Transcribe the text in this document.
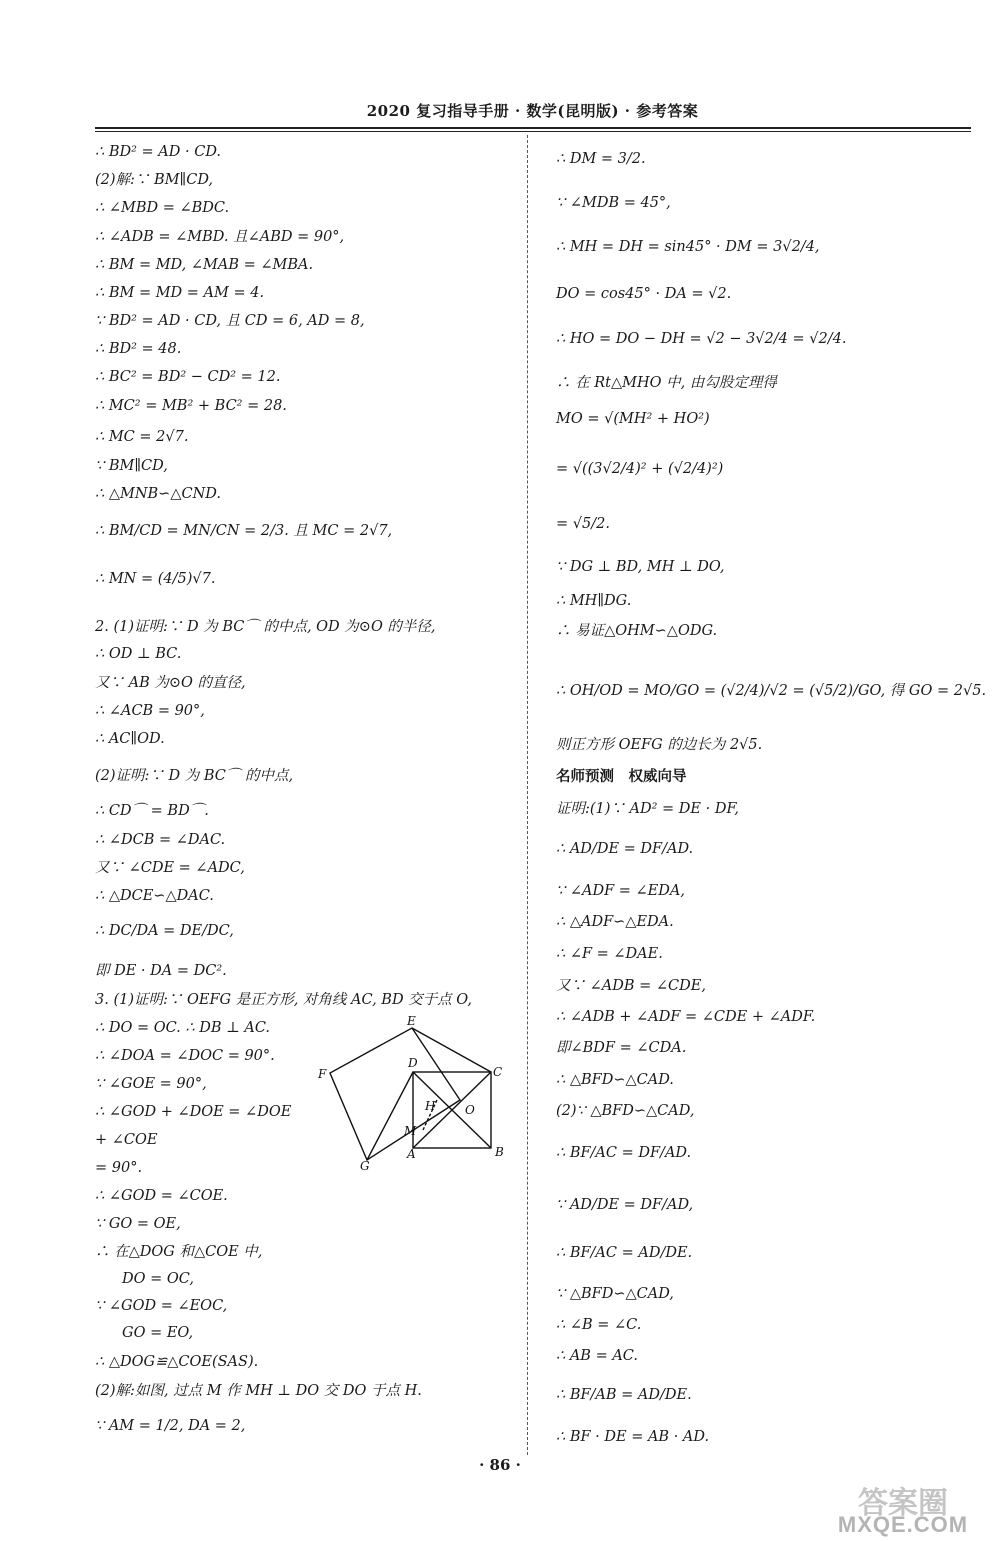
2020 复习指导手册 · 数学(昆明版) · 参考答案
∴ BD² = AD · CD.
(2)解:∵ BM∥CD,
∴ ∠MBD = ∠BDC.
∴ ∠ADB = ∠MBD. 且∠ABD = 90°,
∴ BM = MD, ∠MAB = ∠MBA.
∴ BM = MD = AM = 4.
∵ BD² = AD · CD, 且 CD = 6, AD = 8,
∴ BD² = 48.
∴ BC² = BD² − CD² = 12.
∴ MC² = MB² + BC² = 28.
∴ MC = 2√7.
∵ BM∥CD,
∴ △MNB∽△CND.
∴ BM/CD = MN/CN = 2/3. 且 MC = 2√7,
∴ MN = (4/5)√7.
2. (1)证明:∵ D 为 BC⌒ 的中点, OD 为⊙O 的半径,
∴ OD ⊥ BC.
又∵ AB 为⊙O 的直径,
∴ ∠ACB = 90°,
∴ AC∥OD.
(2)证明:∵ D 为 BC⌒ 的中点,
∴ CD⌒ = BD⌒.
∴ ∠DCB = ∠DAC.
又∵ ∠CDE = ∠ADC,
∴ △DCE∽△DAC.
∴ DC/DA = DE/DC,
即 DE · DA = DC².
3. (1)证明:∵ OEFG 是正方形, 对角线 AC, BD 交于点 O,
∴ DO = OC. ∴ DB ⊥ AC.
∴ ∠DOA = ∠DOC = 90°.
∵ ∠GOE = 90°,
∴ ∠GOD + ∠DOE = ∠DOE
+ ∠COE
= 90°.
∴ ∠GOD = ∠COE.
∵ GO = OE,
∴ 在△DOG 和△COE 中,
DO = OC,
∵ ∠GOD = ∠EOC,
GO = EO,
∴ △DOG≌△COE(SAS).
(2)解:如图, 过点 M 作 MH ⊥ DO 交 DO 于点 H.
∵ AM = 1/2, DA = 2,
E
F
D
C
H O
M
A	B
G
∴ DM = 3/2.
∵ ∠MDB = 45°,
∴ MH = DH = sin45° · DM = 3√2/4,
DO = cos45° · DA = √2.
∴ HO = DO − DH = √2 − 3√2/4 = √2/4.
∴ 在 Rt△MHO 中, 由勾股定理得
MO = √(MH² + HO²)
= √((3√2/4)² + (√2/4)²)
= √5/2.
∵ DG ⊥ BD, MH ⊥ DO,
∴ MH∥DG.
∴ 易证△OHM∽△ODG.
∴ OH/OD = MO/GO = (√2/4)/√2 = (√5/2)/GO, 得 GO = 2√5.
则正方形 OEFG 的边长为 2√5.
名师预测　权威向导
证明:(1)∵ AD² = DE · DF,
∴ AD/DE = DF/AD.
∵ ∠ADF = ∠EDA,
∴ △ADF∽△EDA.
∴ ∠F = ∠DAE.
又∵ ∠ADB = ∠CDE,
∴ ∠ADB + ∠ADF = ∠CDE + ∠ADF.
即∠BDF = ∠CDA.
∴ △BFD∽△CAD.
(2)∵ △BFD∽△CAD,
∴ BF/AC = DF/AD.
∵ AD/DE = DF/AD,
∴ BF/AC = AD/DE.
∵ △BFD∽△CAD,
∴ ∠B = ∠C.
∴ AB = AC.
∴ BF/AB = AD/DE.
∴ BF · DE = AB · AD.
· 86 ·
答案圈
MXQE.COM
